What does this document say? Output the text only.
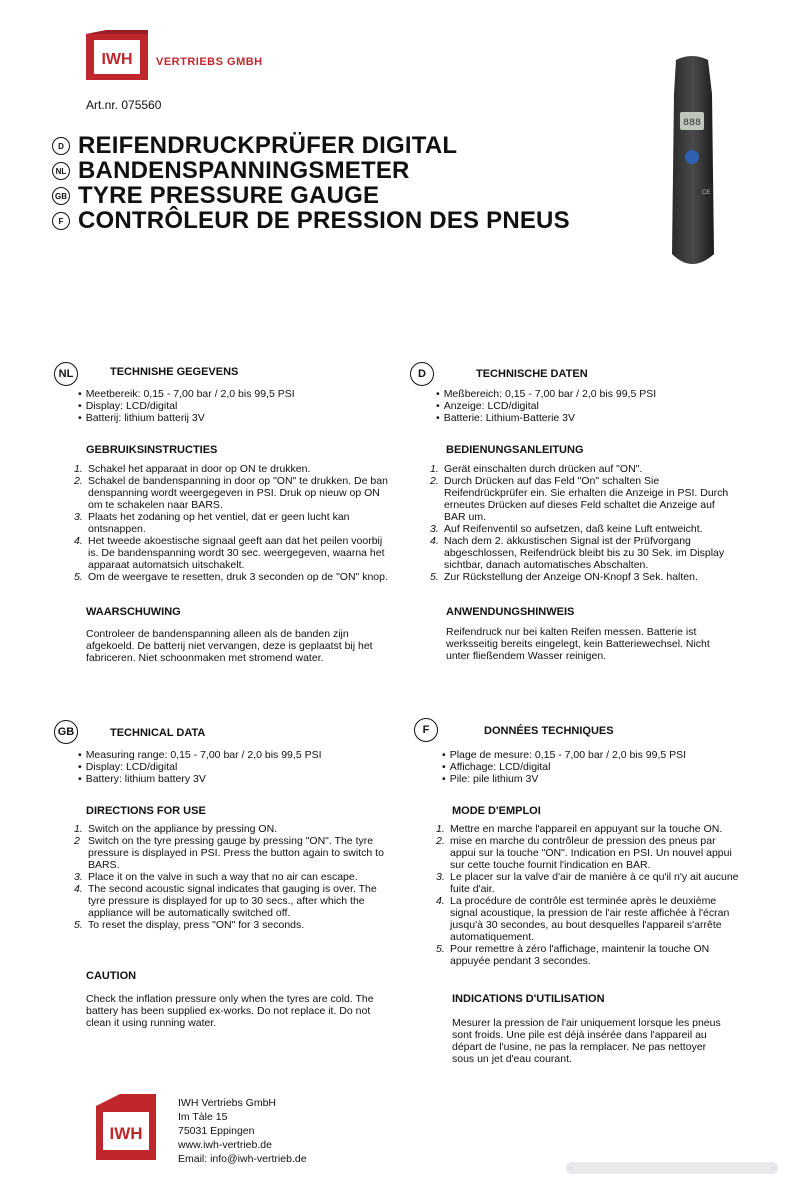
IWH VERTRIEBS GMBH
Art.nr. 075560
D REIFENDRUCKPRÜFER DIGITAL
NL BANDENSPANNINGSMETER
GB TYRE PRESSURE GAUGE
F CONTRÔLEUR DE PRESSION DES PNEUS
888
CE
NL	TECHNISHE GEGEVENS
• Meetbereik: 0,15 - 7,00 bar / 2,0 bis 99,5 PSI
• Display: LCD/digital
• Batterij: lithium batterij 3V
GEBRUIKSINSTRUCTIES
1. Schakel het apparaat in door op ON te drukken.
2. Schakel de bandenspanning in door op "ON" te drukken. De ban denspanning wordt weergegeven in PSI. Druk op nieuw op ON om te schakelen naar BARS.
3. Plaats het zodaning op het ventiel, dat er geen lucht kan ontsnappen.
4. Het tweede akoestische signaal geeft aan dat het peilen voorbij is. De bandenspanning wordt 30 sec. weergegeven, waarna het apparaat automatsich uitschakelt.
5. Om de weergave te resetten, druk 3 seconden op de "ON" knop.
WAARSCHUWING
Controleer de bandenspanning alleen als de banden zijn afgekoeld. De batterij niet vervangen, deze is geplaatst bij het fabriceren. Niet schoonmaken met stromend water.
D	TECHNISCHE DATEN
• Meßbereich: 0,15 - 7,00 bar / 2,0 bis 99,5 PSI
• Anzeige: LCD/digital
• Batterie: Lithium-Batterie 3V
BEDIENUNGSANLEITUNG
1. Gerät einschalten durch drücken auf "ON".
2. Durch Drücken auf das Feld "On" schalten Sie Reifendrückprüfer ein. Sie erhalten die Anzeige in PSI. Durch erneutes Drücken auf dieses Feld schaltet die Anzeige auf BAR um.
3. Auf Reifenventil so aufsetzen, daß keine Luft entweicht.
4. Nach dem 2. akkustischen Signal ist der Prüfvorgang abgeschlossen, Reifendrück bleibt bis zu 30 Sek. im Display sichtbar, danach automatisches Abschalten.
5. Zur Rückstellung der Anzeige ON-Knopf 3 Sek. halten.
ANWENDUNGSHINWEIS
Reifendruck nur bei kalten Reifen messen. Batterie ist werksseitig bereits eingelegt, kein Batteriewechsel. Nicht unter fließendem Wasser reinigen.
GB	TECHNICAL DATA
• Measuring range: 0,15 - 7,00 bar / 2,0 bis 99,5 PSI
• Display: LCD/digital
• Battery: lithium battery 3V
DIRECTIONS FOR USE
1. Switch on the appliance by pressing ON.
2 Switch on the tyre pressing gauge by pressing "ON". The tyre pressure is displayed in PSI. Press the button again to switch to BARS.
3. Place it on the valve in such a way that no air can escape.
4. The second acoustic signal indicates that gauging is over. The tyre pressure is displayed for up to 30 secs., after which the appliance will be automatically switched off.
5. To reset the display, press "ON" for 3 seconds.
CAUTION
Check the inflation pressure only when the tyres are cold. The battery has been supplied ex-works. Do not replace it. Do not clean it using running water.
F	DONNÉES TECHNIQUES
• Plage de mesure: 0,15 - 7,00 bar / 2,0 bis 99,5 PSI
• Affichage: LCD/digital
• Pile: pile lithium 3V
MODE D'EMPLOI
1. Mettre en marche l'appareil en appuyant sur la touche ON.
2. mise en marche du contrôleur de pression des pneus par appui sur la touche "ON". Indication en PSI. Un nouvel appui sur cette touche fournit l'indication en BAR.
3. Le placer sur la valve d'air de manière à ce qu'il n'y ait aucune fuite d'air.
4. La procédure de contrôle est terminée après le deuxième signal acoustique, la pression de l'air reste affichée à l'écran jusqu'à 30 secondes, au bout desquelles l'appareil s'arrête automatiquement.
5. Pour remettre à zéro l'affichage, maintenir la touche ON appuyée pendant 3 secondes.
INDICATIONS D'UTILISATION
Mesurer la pression de l'air uniquement lorsque les pneus sont froids. Une pile est déjà insérée dans l'appareil au départ de l'usine, ne pas la remplacer. Ne pas nettoyer sous un jet d'eau courant.
IWH
IWH Vertriebs GmbH
Im Tàle 15
75031 Eppingen
www.iwh-vertrieb.de
Email: info@iwh-vertrieb.de
